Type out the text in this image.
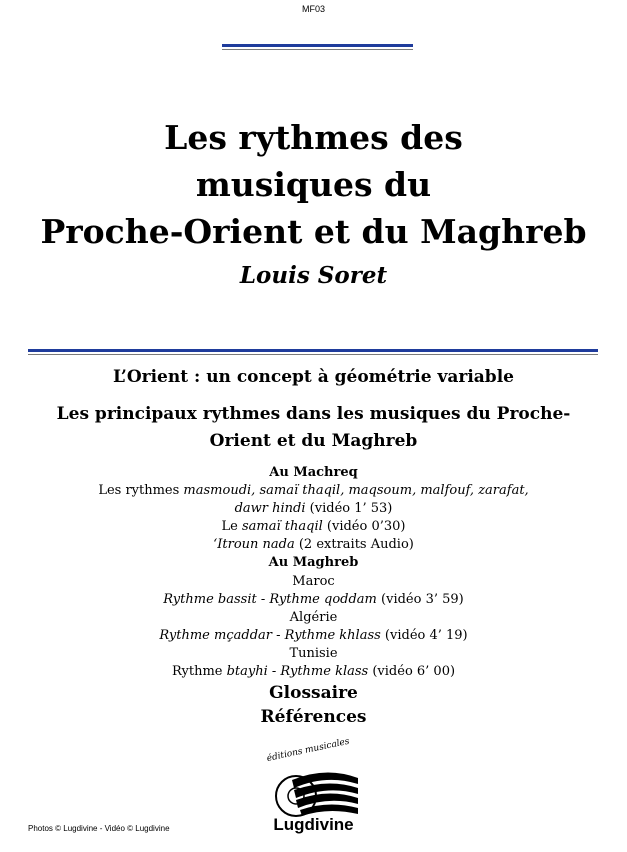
MF03
Les rythmes des
musiques du
Proche-Orient et du Maghreb
Louis Soret
L’Orient : un concept à géométrie variable
Les principaux rythmes dans les musiques du Proche-Orient et du Maghreb
Au Machreq
Les rythmes masmoudi, samaï thaqil, maqsoum, malfouf, zarafat,
dawr hindi (vidéo 1’ 53)
Le samaï thaqil (vidéo 0’30)
‘Itroun nada (2 extraits Audio)
Au Maghreb
Maroc
Rythme bassit - Rythme qoddam (vidéo 3’ 59)
Algérie
Rythme mçaddar - Rythme khlass (vidéo 4’ 19)
Tunisie
Rythme btayhi - Rythme klass (vidéo 6’ 00)
Glossaire
Références
Photos © Lugdivine - Vidéo © Lugdivine
éditions musicales
Lugdivine
